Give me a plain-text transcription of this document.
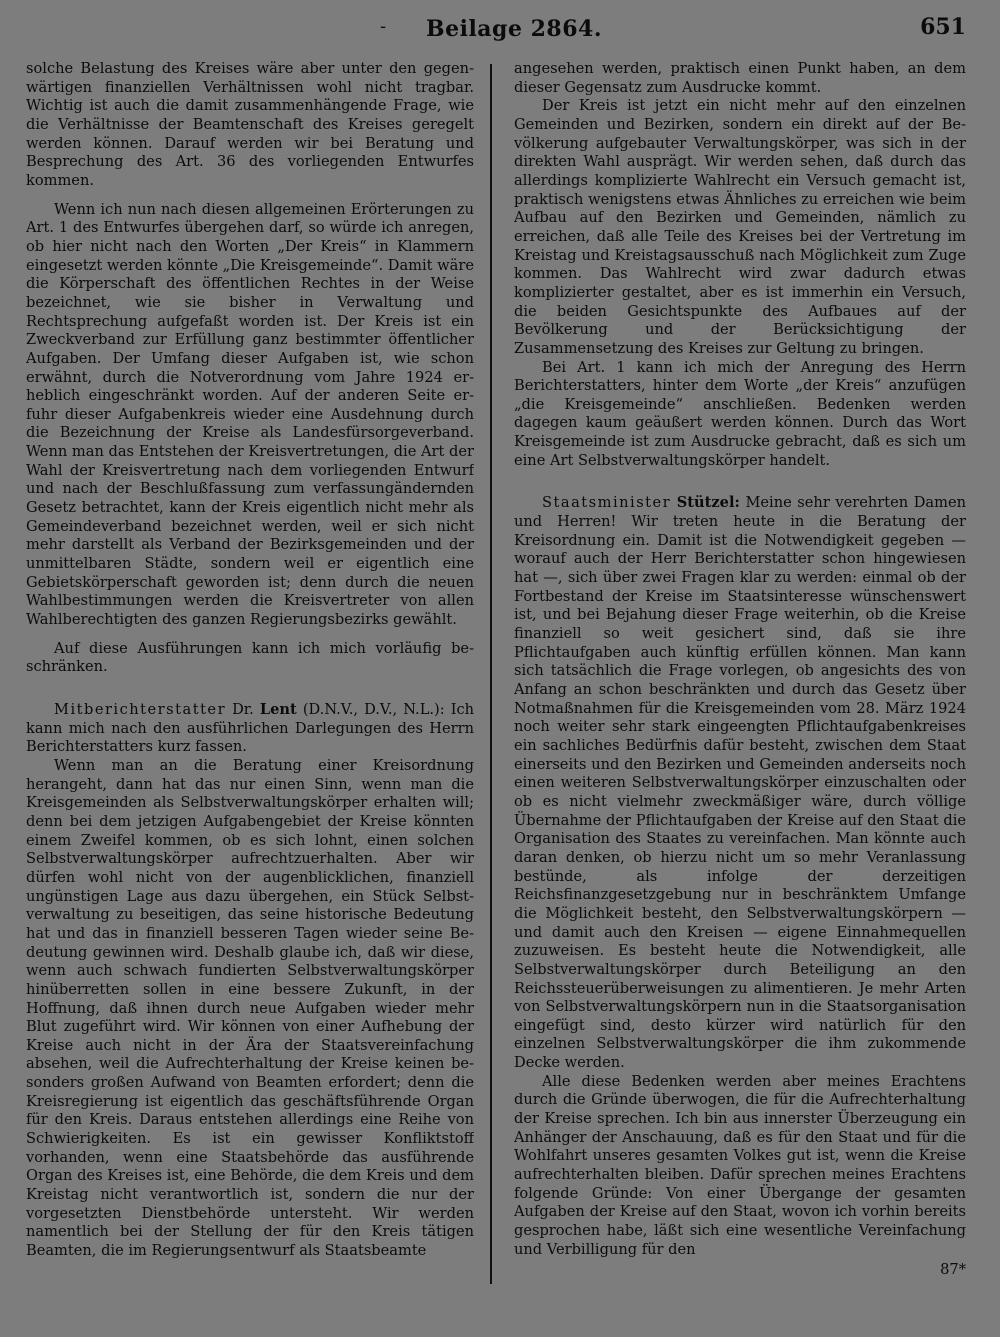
- Beilage 2864.	651

solche Belastung des Kreises wäre aber unter den gegenwärtigen finanziellen Verhältnissen wohl nicht tragbar. Wichtig ist auch die damit zusammenhängende Frage, wie die Verhältnisse der Beamtenschaft des Kreises geregelt werden können. Darauf werden wir bei Beratung und Besprechung des Art. 36 des vorliegenden Entwurfes kommen.

Wenn ich nun nach diesen allgemeinen Erörterungen zu Art. 1 des Entwurfes übergehen darf, so würde ich anregen, ob hier nicht nach den Worten „Der Kreis“ in Klammern eingesetzt werden könnte „Die Kreisgemeinde“. Damit wäre die Körperschaft des öffentlichen Rechtes in der Weise bezeichnet, wie sie bisher in Verwaltung und Rechtsprechung aufgefaßt worden ist. Der Kreis ist ein Zweckverband zur Erfüllung ganz bestimmter öffentlicher Aufgaben. Der Umfang dieser Aufgaben ist, wie schon erwähnt, durch die Notverordnung vom Jahre 1924 erheblich eingeschränkt worden. Auf der anderen Seite erfuhr dieser Aufgabenkreis wieder eine Ausdehnung durch die Bezeichnung der Kreise als Landesfürsorgeverband. Wenn man das Entstehen der Kreisvertretungen, die Art der Wahl der Kreisvertretung nach dem vorliegenden Entwurf und nach der Beschlußfassung zum verfassungändernden Gesetz betrachtet, kann der Kreis eigentlich nicht mehr als Gemeindeverband bezeichnet werden, weil er sich nicht mehr darstellt als Verband der Bezirksgemeinden und der unmittelbaren Städte, sondern weil er eigentlich eine Gebietskörperschaft geworden ist; denn durch die neuen Wahlbestimmungen werden die Kreisvertreter von allen Wahlberechtigten des ganzen Regierungsbezirks gewählt.

Auf diese Ausführungen kann ich mich vorläufig beschränken.

Mitberichterstatter Dr. Lent (D.N.V., D.V., N.L.): Ich kann mich nach den ausführlichen Darlegungen des Herrn Berichterstatters kurz fassen.

Wenn man an die Beratung einer Kreisordnung herangeht, dann hat das nur einen Sinn, wenn man die Kreisgemeinden als Selbstverwaltungskörper erhalten will; denn bei dem jetzigen Aufgabengebiet der Kreise könnten einem Zweifel kommen, ob es sich lohnt, einen solchen Selbstverwaltungskörper aufrechtzuerhalten. Aber wir dürfen wohl nicht von der augenblicklichen, finanziell ungünstigen Lage aus dazu übergehen, ein Stück Selbstverwaltung zu beseitigen, das seine historische Bedeutung hat und das in finanziell besseren Tagen wieder seine Bedeutung gewinnen wird. Deshalb glaube ich, daß wir diese, wenn auch schwach fundierten Selbstverwaltungskörper hinüberretten sollen in eine bessere Zukunft, in der Hoffnung, daß ihnen durch neue Aufgaben wieder mehr Blut zugeführt wird. Wir können von einer Aufhebung der Kreise auch nicht in der Ära der Staatsvereinfachung absehen, weil die Aufrechterhaltung der Kreise keinen besonders großen Aufwand von Beamten erfordert; denn die Kreisregierung ist eigentlich das geschäftsführende Organ für den Kreis. Daraus entstehen allerdings eine Reihe von Schwierigkeiten. Es ist ein gewisser Konfliktstoff vorhanden, wenn eine Staatsbehörde das ausführende Organ des Kreises ist, eine Behörde, die dem Kreis und dem Kreistag nicht verantwortlich ist, sondern die nur der vorgesetzten Dienstbehörde untersteht. Wir werden namentlich bei der Stellung der für den Kreis tätigen Beamten, die im Regierungsentwurf als Staatsbeamte

angesehen werden, praktisch einen Punkt haben, an dem dieser Gegensatz zum Ausdrucke kommt.

Der Kreis ist jetzt ein nicht mehr auf den einzelnen Gemeinden und Bezirken, sondern ein direkt auf der Bevölkerung aufgebauter Verwaltungskörper, was sich in der direkten Wahl ausprägt. Wir werden sehen, daß durch das allerdings komplizierte Wahlrecht ein Versuch gemacht ist, praktisch wenigstens etwas Ähnliches zu erreichen wie beim Aufbau auf den Bezirken und Gemeinden, nämlich zu erreichen, daß alle Teile des Kreises bei der Vertretung im Kreistag und Kreistagsausschuß nach Möglichkeit zum Zuge kommen. Das Wahlrecht wird zwar dadurch etwas komplizierter gestaltet, aber es ist immerhin ein Versuch, die beiden Gesichtspunkte des Aufbaues auf der Bevölkerung und der Berücksichtigung der Zusammensetzung des Kreises zur Geltung zu bringen.

Bei Art. 1 kann ich mich der Anregung des Herrn Berichterstatters, hinter dem Worte „der Kreis“ anzufügen „die Kreisgemeinde“ anschließen. Bedenken werden dagegen kaum geäußert werden können. Durch das Wort Kreisgemeinde ist zum Ausdrucke gebracht, daß es sich um eine Art Selbstverwaltungskörper handelt.

Staatsminister Stützel: Meine sehr verehrten Damen und Herren! Wir treten heute in die Beratung der Kreisordnung ein. Damit ist die Notwendigkeit gegeben — worauf auch der Herr Berichterstatter schon hingewiesen hat —, sich über zwei Fragen klar zu werden: einmal ob der Fortbestand der Kreise im Staatsinteresse wünschenswert ist, und bei Bejahung dieser Frage weiterhin, ob die Kreise finanziell so weit gesichert sind, daß sie ihre Pflichtaufgaben auch künftig erfüllen können. Man kann sich tatsächlich die Frage vorlegen, ob angesichts des von Anfang an schon beschränkten und durch das Gesetz über Notmaßnahmen für die Kreisgemeinden vom 28. März 1924 noch weiter sehr stark eingeengten Pflichtaufgabenkreises ein sachliches Bedürfnis dafür besteht, zwischen dem Staat einerseits und den Bezirken und Gemeinden anderseits noch einen weiteren Selbstverwaltungskörper einzuschalten oder ob es nicht vielmehr zweckmäßiger wäre, durch völlige Übernahme der Pflichtaufgaben der Kreise auf den Staat die Organisation des Staates zu vereinfachen. Man könnte auch daran denken, ob hierzu nicht um so mehr Veranlassung bestünde, als infolge der derzeitigen Reichsfinanzgesetzgebung nur in beschränktem Umfange die Möglichkeit besteht, den Selbstverwaltungskörpern — und damit auch den Kreisen — eigene Einnahmequellen zuzuweisen. Es besteht heute die Notwendigkeit, alle Selbstverwaltungskörper durch Beteiligung an den Reichssteuerüberweisungen zu alimentieren. Je mehr Arten von Selbstverwaltungskörpern nun in die Staatsorganisation eingefügt sind, desto kürzer wird natürlich für den einzelnen Selbstverwaltungskörper die ihm zukommende Decke werden.

Alle diese Bedenken werden aber meines Erachtens durch die Gründe überwogen, die für die Aufrechterhaltung der Kreise sprechen. Ich bin aus innerster Überzeugung ein Anhänger der Anschauung, daß es für den Staat und für die Wohlfahrt unseres gesamten Volkes gut ist, wenn die Kreise aufrechterhalten bleiben. Dafür sprechen meines Erachtens folgende Gründe: Von einer Übergange der gesamten Aufgaben der Kreise auf den Staat, wovon ich vorhin bereits gesprochen habe, läßt sich eine wesentliche Vereinfachung und Verbilligung für den

87*
